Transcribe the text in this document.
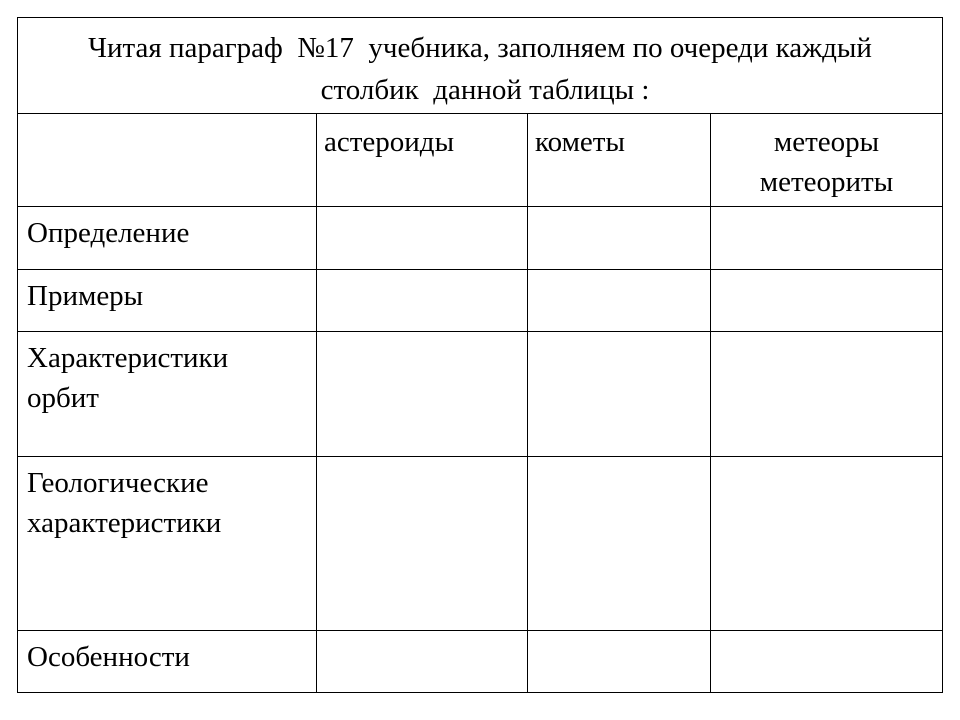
Читая параграф  №17  учебника, заполняем по очереди каждый
столбик  данной таблицы :			

	астероиды	кометы	метеоры
метеориты

Определение			

Примеры			

Характеристики
орбит			

Геологические
характеристики			

Особенности			
